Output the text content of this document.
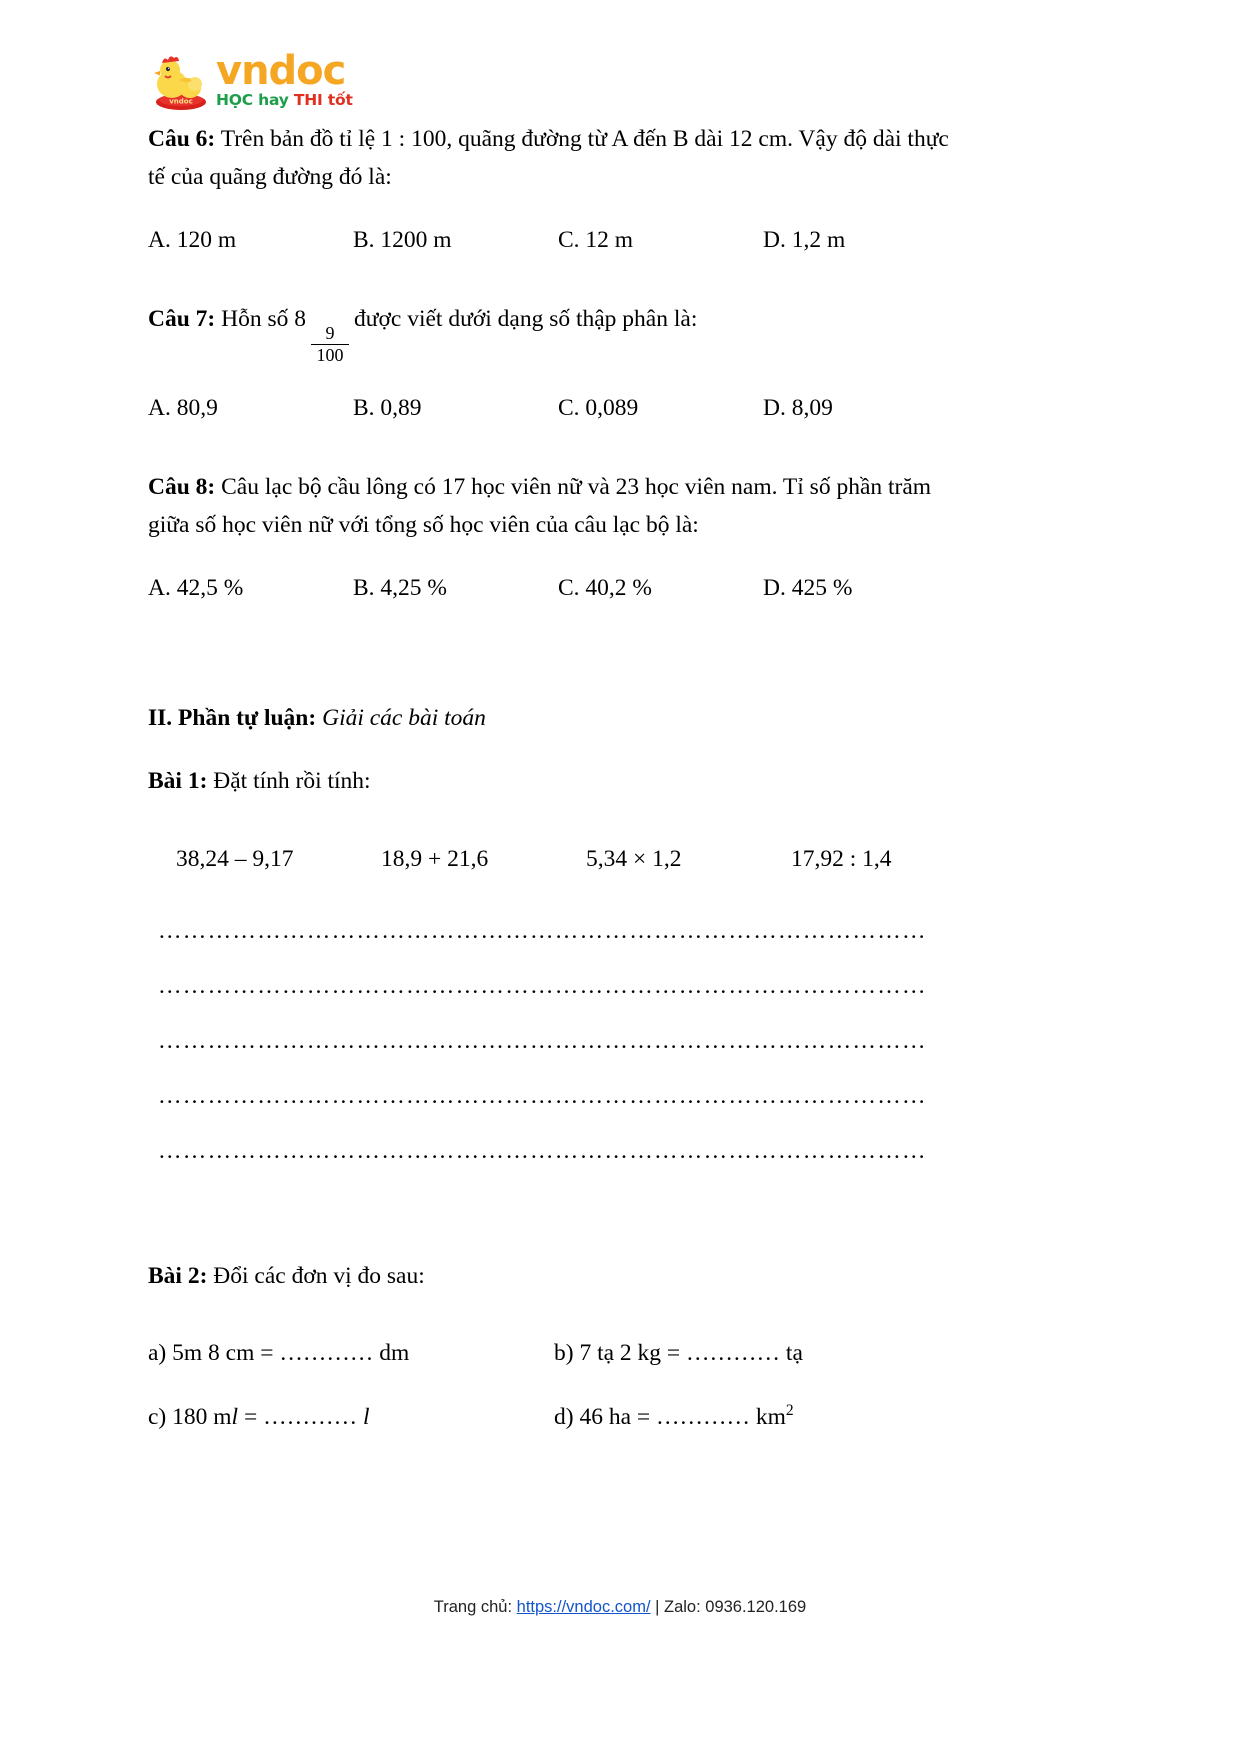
vndoc
vndoc
HỌC hay THI tốt

Câu 6: Trên bản đồ tỉ lệ 1 : 100, quãng đường từ A đến B dài 12 cm. Vậy độ dài thực tế của quãng đường đó là:

A. 120 m	B. 1200 m	C. 12 m	D. 1,2 m

Câu 7: Hỗn số 8
$\frac{9}{100}$
được viết dưới dạng số thập phân là:

A. 80,9	B. 0,89	C. 0,089	D. 8,09

Câu 8: Câu lạc bộ cầu lông có 17 học viên nữ và 23 học viên nam. Tỉ số phần trăm giữa số học viên nữ với tổng số học viên của câu lạc bộ là:

A. 42,5 %	B. 4,25 %	C. 40,2 %	D. 425 %
II. Phần tự luận: Giải các bài toán
Bài 1: Đặt tính rồi tính:
38,24 – 9,17	18,9 + 21,6	5,34 × 1,2	17,92 : 1,4
…………………………………………………………………………………
…………………………………………………………………………………
…………………………………………………………………………………
…………………………………………………………………………………
…………………………………………………………………………………
Bài 2: Đổi các đơn vị đo sau:
a) 5m 8 cm = ………… dm	b) 7 tạ 2 kg = ………… tạ
c) 180 ml = ………… l	d) 46 ha = ………… $km^2$
Trang chủ: https://vndoc.com/ | Zalo: 0936.120.169
